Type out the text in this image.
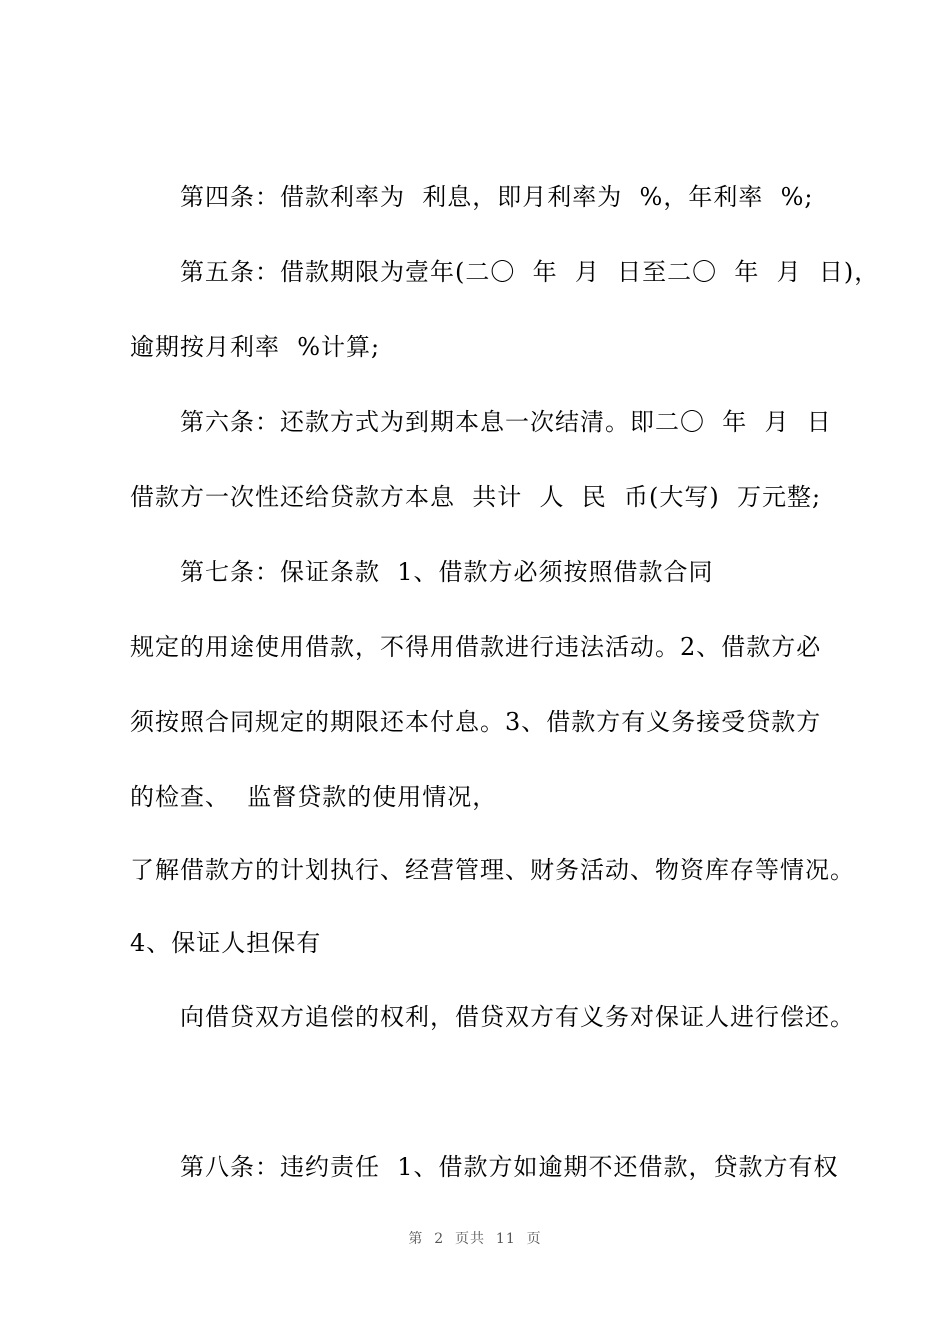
第四条：借款利率为  利息，即月利率为  %，年利率  %;
第五条：借款期限为壹年(二〇  年  月  日至二〇  年  月  日)，
逾期按月利率  %计算;
第六条：还款方式为到期本息一次结清。即二〇  年  月  日
借款方一次性还给贷款方本息  共计  人  民  币(大写)  万元整;
第七条：保证条款  1、借款方必须按照借款合同
规定的用途使用借款，不得用借款进行违法活动。2、借款方必
须按照合同规定的期限还本付息。3、借款方有义务接受贷款方
的检查、  监督贷款的使用情况，
了解借款方的计划执行、经营管理、财务活动、物资库存等情况。
4、保证人担保有
向借贷双方追偿的权利，借贷双方有义务对保证人进行偿还。
第八条：违约责任  1、借款方如逾期不还借款，贷款方有权
第  2  页共  11  页
